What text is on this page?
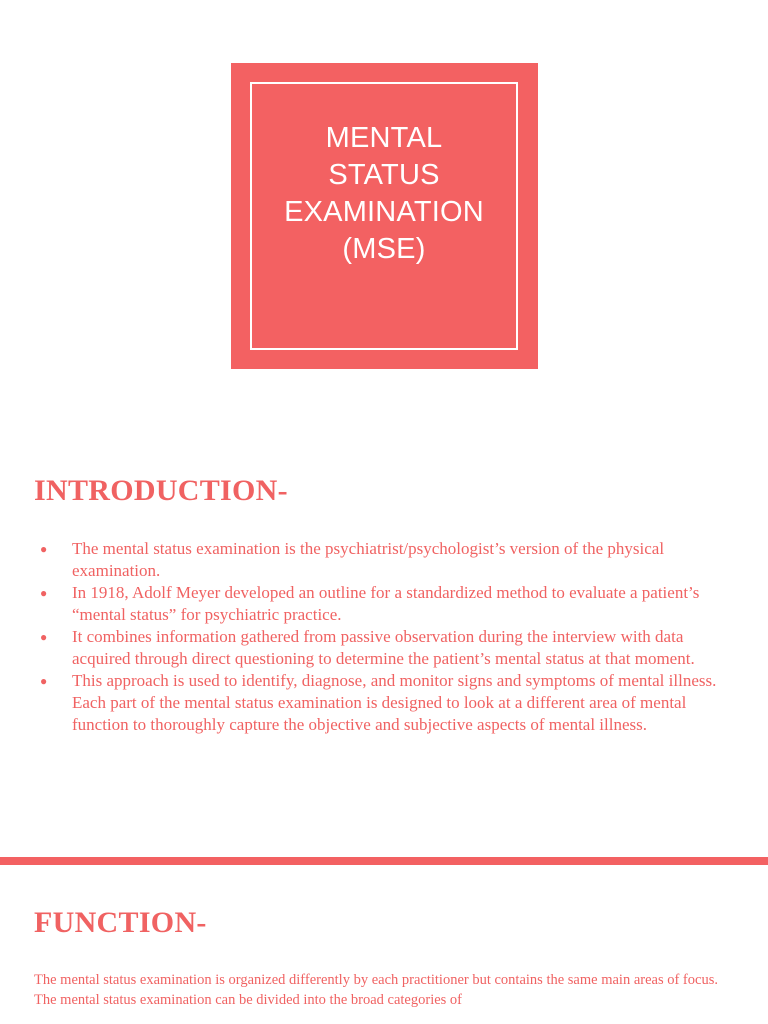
MENTAL
STATUS
EXAMINATION
(MSE)
INTRODUCTION-
● The mental status examination is the psychiatrist/psychologist’s version of the physical examination.
● In 1918, Adolf Meyer developed an outline for a standardized method to evaluate a patient’s “mental status” for psychiatric practice.
● It combines information gathered from passive observation during the interview with data acquired through direct questioning to determine the patient’s mental status at that moment.
● This approach is used to identify, diagnose, and monitor signs and symptoms of mental illness. Each part of the mental status examination is designed to look at a different area of mental function to thoroughly capture the objective and subjective aspects of mental illness.
FUNCTION-

The mental status examination is organized differently by each practitioner but contains the same main areas of focus. The mental status examination can be divided into the broad categories of
